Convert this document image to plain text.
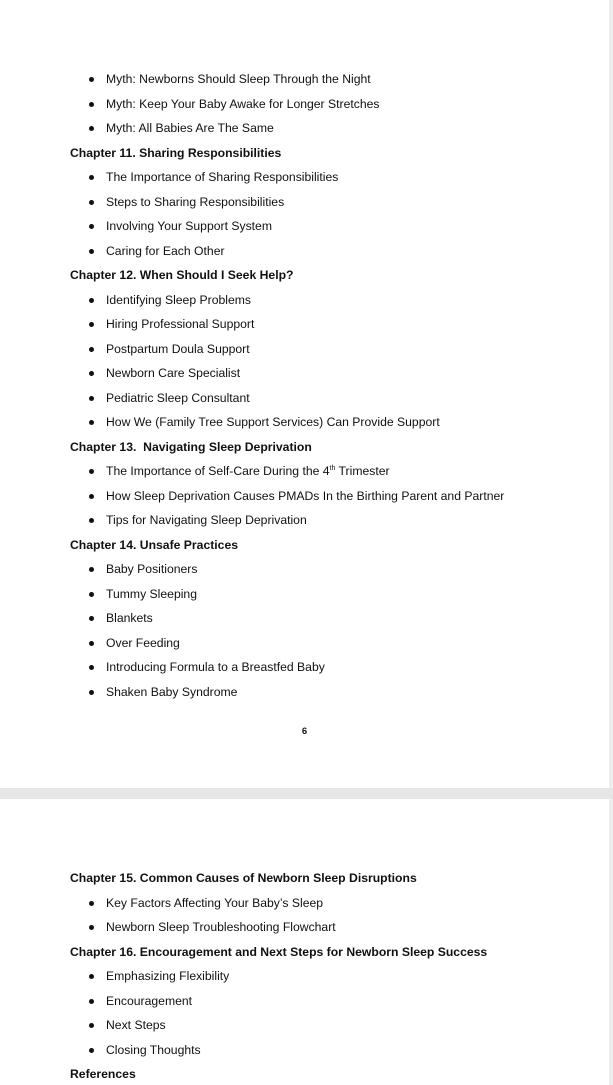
Myth: Newborns Should Sleep Through the Night
Myth: Keep Your Baby Awake for Longer Stretches
Myth: All Babies Are The Same

Chapter 11. Sharing Responsibilities

The Importance of Sharing Responsibilities
Steps to Sharing Responsibilities
Involving Your Support System
Caring for Each Other

Chapter 12. When Should I Seek Help?

Identifying Sleep Problems
Hiring Professional Support
Postpartum Doula Support
Newborn Care Specialist
Pediatric Sleep Consultant
How We (Family Tree Support Services) Can Provide Support

Chapter 13.  Navigating Sleep Deprivation

The Importance of Self-Care During the 4th Trimester
How Sleep Deprivation Causes PMADs In the Birthing Parent and Partner
Tips for Navigating Sleep Deprivation

Chapter 14. Unsafe Practices

Baby Positioners
Tummy Sleeping
Blankets
Over Feeding
Introducing Formula to a Breastfed Baby
Shaken Baby Syndrome
6

Chapter 15. Common Causes of Newborn Sleep Disruptions

Key Factors Affecting Your Baby’s Sleep
Newborn Sleep Troubleshooting Flowchart

Chapter 16. Encouragement and Next Steps for Newborn Sleep Success

Emphasizing Flexibility
Encouragement
Next Steps
Closing Thoughts

References
